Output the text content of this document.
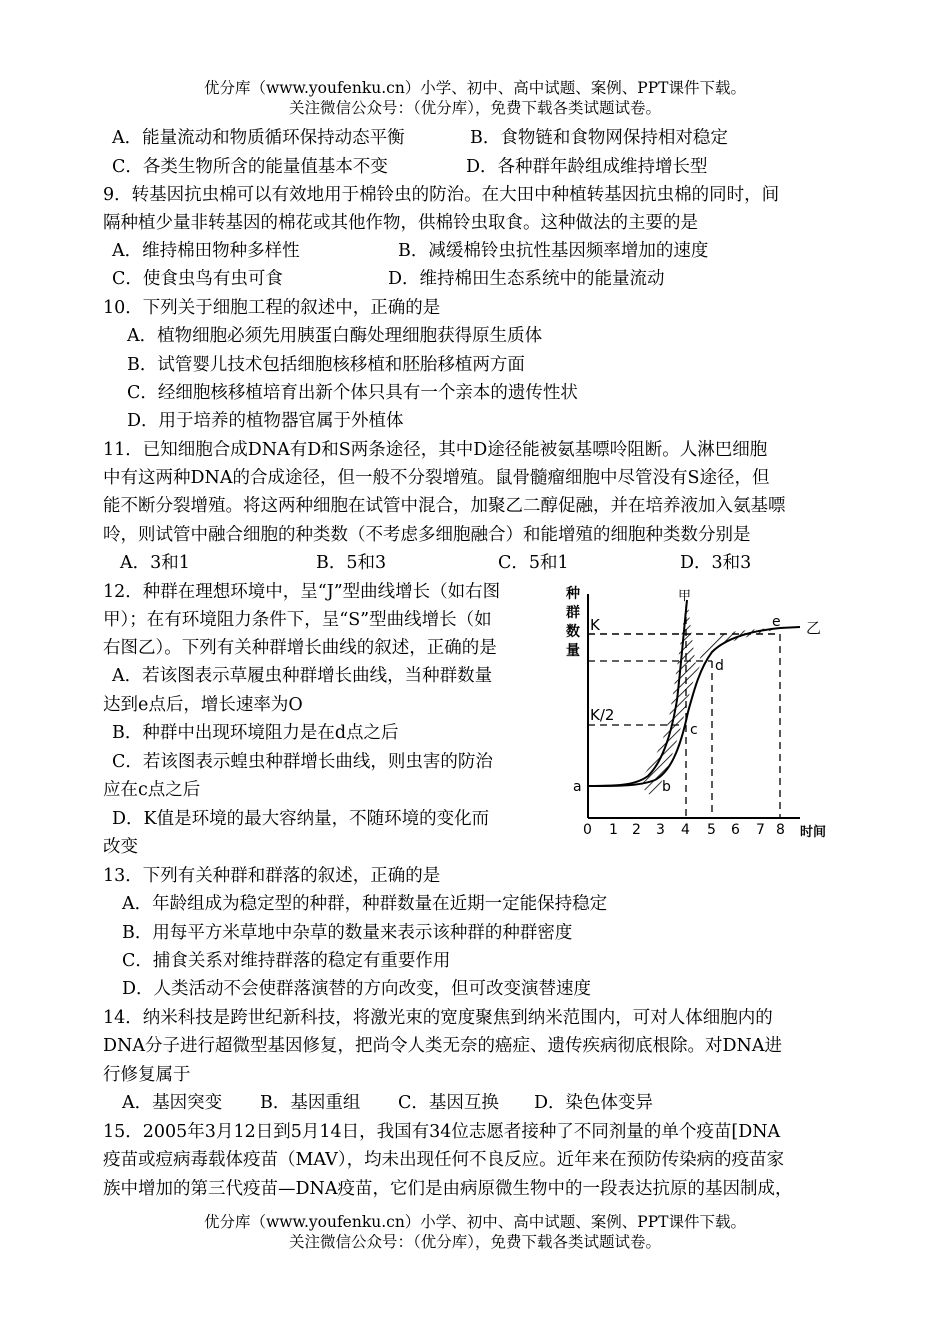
优分库（www.youfenku.cn）小学、初中、高中试题、案例、PPT课件下载。
关注微信公众号：（优分库），免费下载各类试题试卷。
A．能量流动和物质循环保持动态平衡	B．食物链和食物网保持相对稳定
C．各类生物所含的能量值基本不变	D．各种群年龄组成维持增长型
9．转基因抗虫棉可以有效地用于棉铃虫的防治。在大田中种植转基因抗虫棉的同时，间
隔种植少量非转基因的棉花或其他作物，供棉铃虫取食。这种做法的主要的是
A．维持棉田物种多样性	B．减缓棉铃虫抗性基因频率增加的速度
C．使食虫鸟有虫可食	D．维持棉田生态系统中的能量流动
10．下列关于细胞工程的叙述中，正确的是
A．植物细胞必须先用胰蛋白酶处理细胞获得原生质体
B．试管婴儿技术包括细胞核移植和胚胎移植两方面
C．经细胞核移植培育出新个体只具有一个亲本的遗传性状
D．用于培养的植物器官属于外植体
11．已知细胞合成DNA有D和S两条途径，其中D途径能被氨基嘌呤阻断。人淋巴细胞
中有这两种DNA的合成途径，但一般不分裂增殖。鼠骨髓瘤细胞中尽管没有S途径，但
能不断分裂增殖。将这两种细胞在试管中混合，加聚乙二醇促融，并在培养液加入氨基嘌
呤，则试管中融合细胞的种类数（不考虑多细胞融合）和能增殖的细胞种类数分别是
A．3和1	B．5和3	C．5和1	D．3和3
12．种群在理想环境中，呈“J”型曲线增长（如右图
甲）；在有环境阻力条件下，呈“S”型曲线增长（如
右图乙）。下列有关种群增长曲线的叙述，正确的是
A．若该图表示草履虫种群增长曲线，当种群数量
达到e点后，增长速率为O
B．种群中出现环境阻力是在d点之后
C．若该图表示蝗虫种群增长曲线，则虫害的防治
应在c点之后
D．K值是环境的最大容纳量，不随环境的变化而
改变
种
群
数
量
K
K/2
甲
乙
a	b
c
d
e
0 1 2 3 4 5 6 7 8 时间
13．下列有关种群和群落的叙述，正确的是
A．年龄组成为稳定型的种群，种群数量在近期一定能保持稳定
B．用每平方米草地中杂草的数量来表示该种群的种群密度
C．捕食关系对维持群落的稳定有重要作用
D．人类活动不会使群落演替的方向改变，但可改变演替速度
14．纳米科技是跨世纪新科技，将激光束的宽度聚焦到纳米范围内，可对人体细胞内的
DNA分子进行超微型基因修复，把尚令人类无奈的癌症、遗传疾病彻底根除。对DNA进
行修复属于
A．基因突变 B．基因重组 C．基因互换 D．染色体变异
15．2005年3月12日到5月14日，我国有34位志愿者接种了不同剂量的单个疫苗[DNA
疫苗或痘病毒载体疫苗（MAV），均未出现任何不良反应。近年来在预防传染病的疫苗家
族中增加的第三代疫苗—DNA疫苗，它们是由病原微生物中的一段表达抗原的基因制成，
优分库（www.youfenku.cn）小学、初中、高中试题、案例、PPT课件下载。
关注微信公众号：（优分库），免费下载各类试题试卷。
